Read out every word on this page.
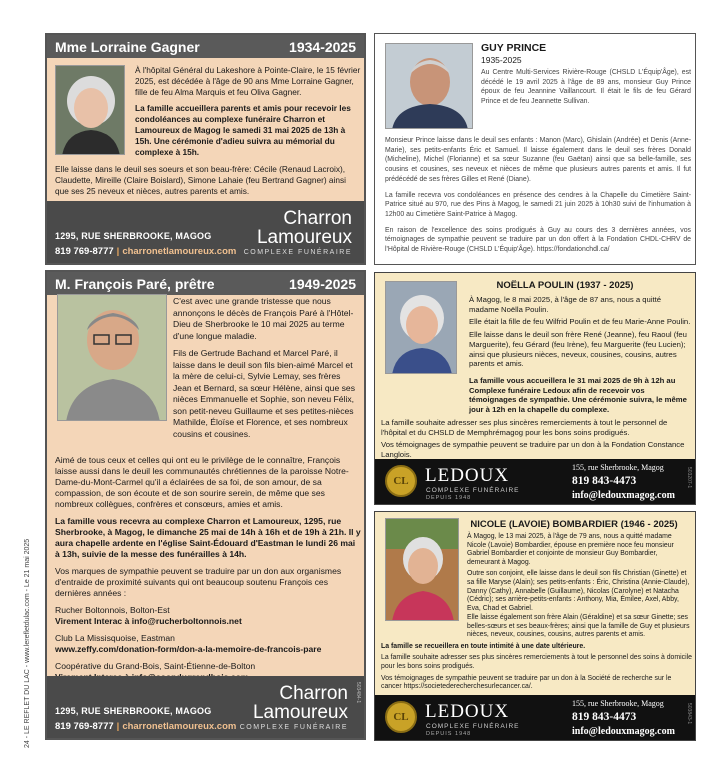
24 - LE REFLET DU LAC - www.lerefletdulac.com - Le 21 mai 2025
Mme Lorraine Gagner	1934-2025

À l'hôpital Général du Lakeshore à Pointe-Claire, le 15 février 2025, est décédée à l'âge de 90 ans Mme Lorraine Gagner, fille de feu Alma Marquis et feu Oliva Gagner.

La famille accueillera parents et amis pour recevoir les condoléances au complexe funéraire Charron et Lamoureux de Magog le samedi 31 mai 2025 de 13h à 15h. Une cérémonie d'adieu suivra au mémorial du complexe à 15h.

Elle laisse dans le deuil ses soeurs et son beau-frère: Cécile (Renaud Lacroix), Claudette, Mireille (Claire Boislard), Simone Lahaie (feu Bertrand Gagner) ainsi que ses 25 neveux et nièces, autres parents et amis.

1295, RUE SHERBROOKE, MAGOG
819 769-8777 | charronetlamoureux.com
Charron
Lamoureux
COMPLEXE FUNÉRAIRE
M. François Paré, prêtre	1949-2025

C'est avec une grande tristesse que nous annonçons le décès de François Paré à l'Hôtel-Dieu de Sherbrooke le 10 mai 2025 au terme d'une longue maladie.

Fils de Gertrude Bachand et Marcel Paré, il laisse dans le deuil son fils bien-aimé Marcel et la mère de celui-ci, Sylvie Lemay, ses frères Jean et Bernard, sa sœur Hélène, ainsi que ses nièces Emmanuelle et Sophie, son neveu Félix, son petit-neveu Guillaume et ses petites-nièces Mathilde, Éloïse et Florence, et ses nombreux cousins et cousines.

Aimé de tous ceux et celles qui ont eu le privilège de le connaître, François laisse aussi dans le deuil les communautés chrétiennes de la paroisse Notre-Dame-du-Mont-Carmel qu'il a éclairées de sa foi, de son amour, de sa compassion, de son écoute et de son sourire serein, de même que ses nombreux collègues, confrères et consœurs, amies et amis.

La famille vous recevra au complexe Charron et Lamoureux, 1295, rue Sherbrooke, à Magog, le dimanche 25 mai de 14h à 16h et de 19h à 21h. Il y aura chapelle ardente en l'église Saint-Édouard d'Eastman le lundi 26 mai à 13h, suivie de la messe des funérailles à 14h.

Vos marques de sympathie peuvent se traduire par un don aux organismes d'entraide de proximité suivants qui ont beaucoup soutenu François ces dernières années :

Rucher Boltonnois, Bolton-Est
Virement Interac à info@rucherboltonnois.net
Club La Missisquoise, Eastman
www.zeffy.com/donation-form/don-a-la-memoire-de-francois-pare
Coopérative du Grand-Bois, Saint-Étienne-de-Bolton
1295, RUE SHERBROOKE, MAGOG
819 769-8777 | charronetlamoureux.com
Charron
Lamoureux
COMPLEXE FUNÉRAIRE
503484-1
GUY PRINCE
1935-2025

Au Centre Multi-Services Rivière-Rouge (CHSLD L'Équip'Âge), est décédé le 19 avril 2025 à l'âge de 89 ans, monsieur Guy Prince époux de feu Jeannine Vaillancourt. Il était le fils de feu Gérard Prince et de feu Jeannette Sullivan.

Monsieur Prince laisse dans le deuil ses enfants : Manon (Marc), Ghislain (Andrée) et Denis (Anne-Marie), ses petits-enfants Éric et Samuel. Il laisse également dans le deuil ses frères Donald (Micheline), Michel (Florianne) et sa sœur Suzanne (feu Gaëtan) ainsi que sa belle-famille, ses cousins et cousines, ses neveux et nièces de même que plusieurs autres parents et amis. Il fut prédécédé de ses frères Gilles et René (Diane).

La famille recevra vos condoléances en présence des cendres à la Chapelle du Cimetière Saint-Patrice situé au 970, rue des Pins à Magog, le samedi 21 juin 2025 à 10h30 suivi de l'inhumation à 12h00 au Cimetière Saint-Patrice à Magog.

En raison de l'excellence des soins prodigués à Guy au cours des 3 dernières années, vos témoignages de sympathie peuvent se traduire par un don offert à la Fondation CHDL-CHRV de l'Hôpital de Rivière-Rouge (CHSLD L'Équip'Âge). https://fondationchdl.ca/

NOËLLA POULIN (1937 - 2025)

À Magog, le 8 mai 2025, à l'âge de 87 ans, nous a quitté madame Noëlla Poulin.

Elle était la fille de feu Wilfrid Poulin et de feu Marie-Anne Poulin.

Elle laisse dans le deuil son frère René (Jeanne), feu Raoul (feu Marguerite), feu Gérard (feu Irène), feu Marguerite (feu Lucien); ainsi que plusieurs nièces, neveux, cousines, cousins, autres parents et amis.

La famille vous accueillera le 31 mai 2025 de 9h à 12h au Complexe funéraire Ledoux afin de recevoir vos témoignages de sympathie. Une cérémonie suivra, le même jour à 12h en la chapelle du complexe.

La famille souhaite adresser ses plus sincères remerciements à tout le personnel de l'hôpital et du CHSLD de Memphrémagog pour les bons soins prodigués.

Vos témoignages de sympathie peuvent se traduire par un don à la Fondation Constance Langlois.

CL LEDOUX
COMPLEXE FUNÉRAIRE
DEPUIS 1948
155, rue Sherbrooke, Magog
819 843-4473
info@ledouxmagog.com
503207-1
NICOLE (LAVOIE) BOMBARDIER (1946 - 2025)

À Magog, le 13 mai 2025, à l'âge de 79 ans, nous a quitté madame Nicole (Lavoie) Bombardier, épouse en première noce feu monsieur Gabriel Bombardier et conjointe de monsieur Guy Bombardier, demeurant à Magog.

Outre son conjoint, elle laisse dans le deuil son fils Christian (Ginette) et sa fille Maryse (Alain); ses petits-enfants : Éric, Christina (Annie-Claude), Danny (Cathy), Annabelle (Guillaume), Nicolas (Carolyne) et Natacha (Cédric); ses arrière-petits-enfants : Anthony, Mia, Émilee, Axel, Abby, Eva, Chad et Gabriel.

Elle laisse également son frère Alain (Géraldine) et sa sœur Ginette; ses belles-sœurs et ses beaux-frères; ainsi que la famille de Guy et plusieurs nièces, neveux, cousines, cousins, autres parents et amis.

La famille se recueillera en toute intimité à une date ultérieure.

La famille souhaite adresser ses plus sincères remerciements à tout le personnel des soins à domicile pour les bons soins prodigués.

Vos témoignages de sympathie peuvent se traduire par un don à la Société de recherche sur le cancer https://societederecherchesurlecancer.ca/.

CL LEDOUX
COMPLEXE FUNÉRAIRE
DEPUIS 1948
155, rue Sherbrooke, Magog
819 843-4473
info@ledouxmagog.com
503843-1
